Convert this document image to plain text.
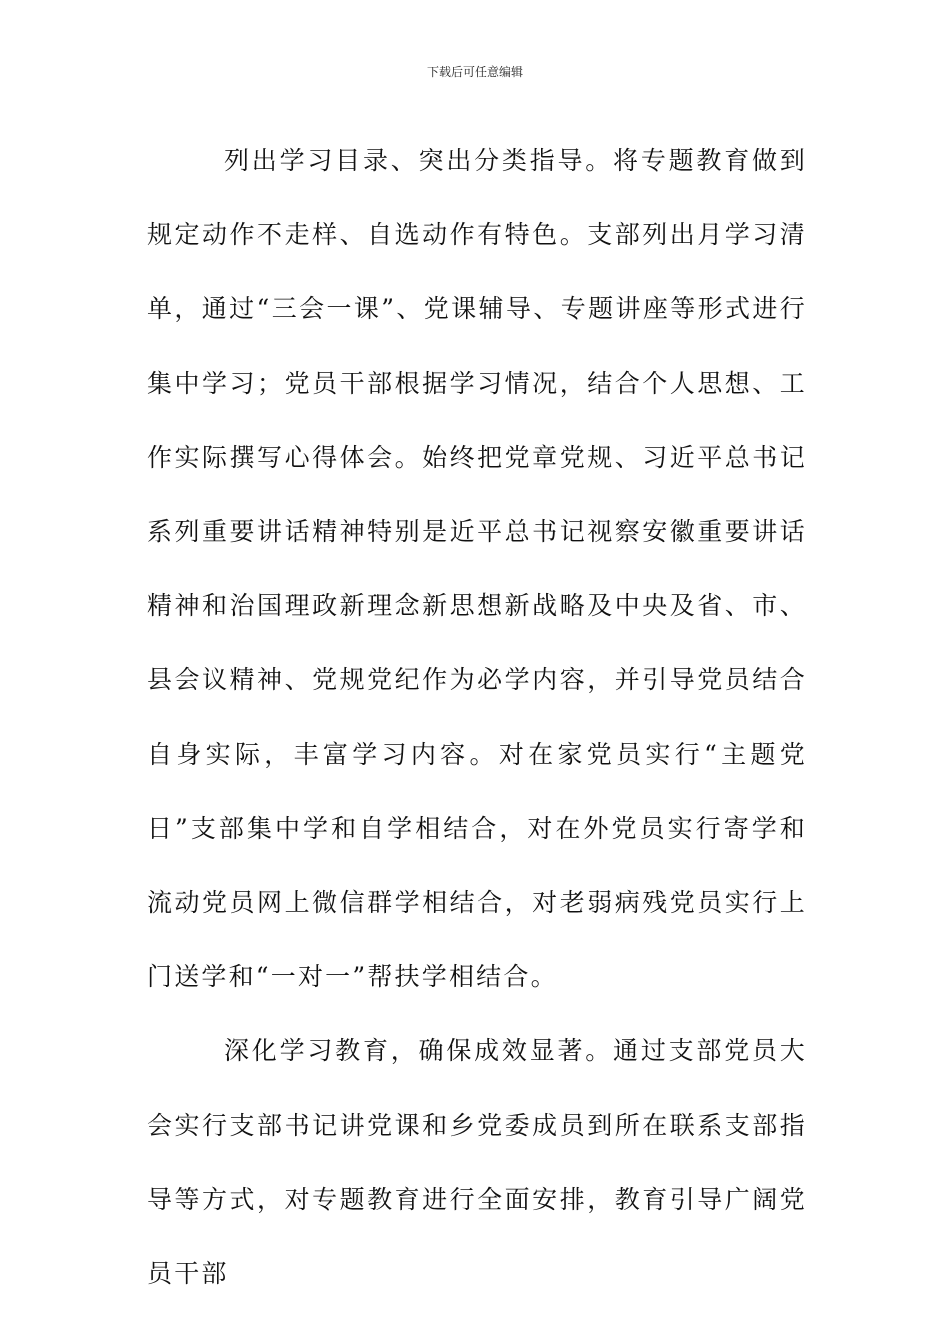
下载后可任意编辑

列出学习目录、突出分类指导。将专题教育做到规定动作不走样、自选动作有特色。支部列出月学习清单，通过“三会一课”、党课辅导、专题讲座等形式进行集中学习；党员干部根据学习情况，结合个人思想、工作实际撰写心得体会。始终把党章党规、习近平总书记系列重要讲话精神特别是近平总书记视察安徽重要讲话精神和治国理政新理念新思想新战略及中央及省、市、县会议精神、党规党纪作为必学内容，并引导党员结合自身实际，丰富学习内容。对在家党员实行“主题党日”支部集中学和自学相结合，对在外党员实行寄学和流动党员网上微信群学相结合，对老弱病残党员实行上门送学和“一对一”帮扶学相结合。

深化学习教育，确保成效显著。通过支部党员大会实行支部书记讲党课和乡党委成员到所在联系支部指导等方式，对专题教育进行全面安排，教育引导广阔党员干部
